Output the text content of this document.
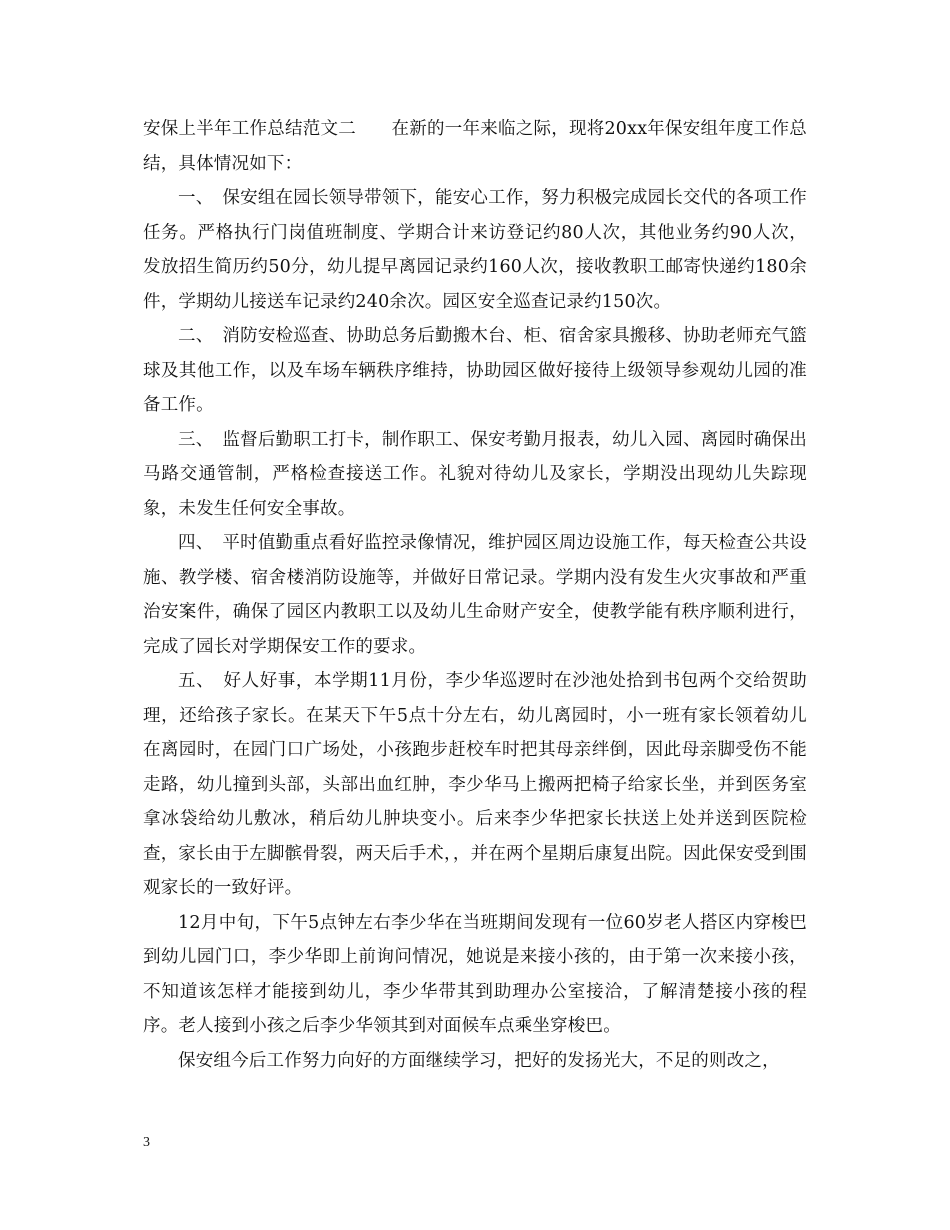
安保上半年工作总结范文二　　在新的一年来临之际，现将20xx年保安组年度工作总结，具体情况如下：

一、　保安组在园长领导带领下，能安心工作，努力积极完成园长交代的各项工作任务。严格执行门岗值班制度、学期合计来访登记约80人次，其他业务约90人次，发放招生简历约50分，幼儿提早离园记录约160人次，接收教职工邮寄快递约180余件，学期幼儿接送车记录约240余次。园区安全巡查记录约150次。

二、　消防安检巡查、协助总务后勤搬木台、柜、宿舍家具搬移、协助老师充气篮球及其他工作，以及车场车辆秩序维持，协助园区做好接待上级领导参观幼儿园的准备工作。

三、　监督后勤职工打卡，制作职工、保安考勤月报表，幼儿入园、离园时确保出马路交通管制，严格检查接送工作。礼貌对待幼儿及家长，学期没出现幼儿失踪现象，未发生任何安全事故。

四、　平时值勤重点看好监控录像情况，维护园区周边设施工作，每天检查公共设施、教学楼、宿舍楼消防设施等，并做好日常记录。学期内没有发生火灾事故和严重治安案件，确保了园区内教职工以及幼儿生命财产安全，使教学能有秩序顺利进行，完成了园长对学期保安工作的要求。

五、　好人好事，本学期11月份，李少华巡逻时在沙池处拾到书包两个交给贺助理，还给孩子家长。在某天下午5点十分左右，幼儿离园时，小一班有家长领着幼儿在离园时，在园门口广场处，小孩跑步赶校车时把其母亲绊倒，因此母亲脚受伤不能走路，幼儿撞到头部，头部出血红肿，李少华马上搬两把椅子给家长坐，并到医务室拿冰袋给幼儿敷冰，稍后幼儿肿块变小。后来李少华把家长扶送上处并送到医院检查，家长由于左脚髌骨裂，两天后手术，，并在两个星期后康复出院。因此保安受到围观家长的一致好评。

12月中旬，下午5点钟左右李少华在当班期间发现有一位60岁老人搭区内穿梭巴到幼儿园门口，李少华即上前询问情况，她说是来接小孩的，由于第一次来接小孩，不知道该怎样才能接到幼儿，李少华带其到助理办公室接洽，了解清楚接小孩的程序。老人接到小孩之后李少华领其到对面候车点乘坐穿梭巴。

保安组今后工作努力向好的方面继续学习，把好的发扬光大，不足的则改之，

3
